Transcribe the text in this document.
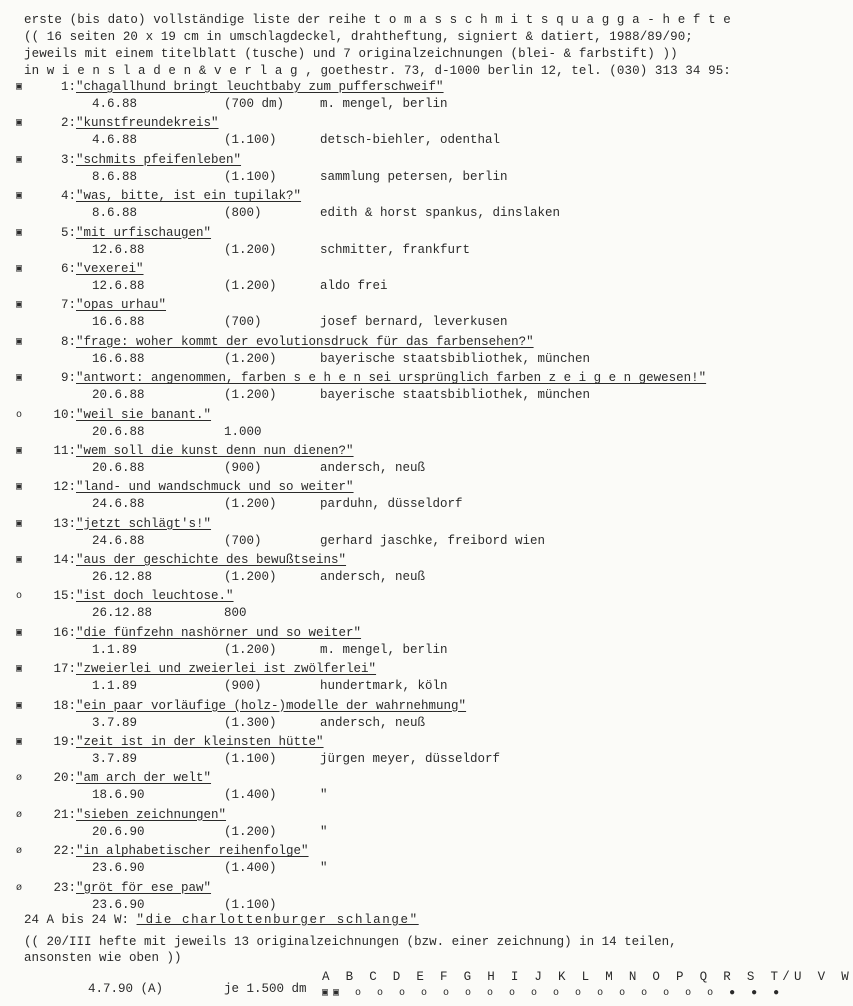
erste (bis dato) vollständige liste der reihe t o m a s s c h m i t s q u a g g a - h e f t e
(( 16 seiten 20 x 19 cm in umschlagdeckel, drahtheftung, signiert & datiert, 1988/89/90;
jeweils mit einem titelblatt (tusche) und 7 originalzeichnungen (blei- & farbstift) ))
in w i e n s l a d e n & v e r l a g , goethestr. 73, d-1000 berlin 12, tel. (030) 313 34 95:
▣	1: "chagallhund bringt leuchtbaby zum pufferschweif"
4.6.88	(700 dm)	m. mengel, berlin
▣	2: "kunstfreundekreis"
4.6.88	(1.100)	detsch-biehler, odenthal
▣	3: "schmits pfeifenleben"
8.6.88	(1.100)	sammlung petersen, berlin
▣	4: "was, bitte, ist ein tupilak?"
8.6.88	(800)	edith & horst spankus, dinslaken
▣	5: "mit urfischaugen"
12.6.88	(1.200)	schmitter, frankfurt
▣	6: "vexerei"
12.6.88	(1.200)	aldo frei
▣	7: "opas urhau"
16.6.88	(700)	josef bernard, leverkusen
▣	8: "frage: woher kommt der evolutionsdruck für das farbensehen?"
16.6.88	(1.200)	bayerische staatsbibliothek, münchen
▣	9: "antwort: angenommen, farben s e h e n sei ursprünglich farben z e i g e n gewesen!"
20.6.88	(1.200)	bayerische staatsbibliothek, münchen
o	10: "weil sie banant."
20.6.88	1.000
▣	11: "wem soll die kunst denn nun dienen?"
20.6.88	(900)	andersch, neuß
▣	12: "land- und wandschmuck und so weiter"
24.6.88	(1.200)	parduhn, düsseldorf
▣	13: "jetzt schlägt's!"
24.6.88	(700)	gerhard jaschke, freibord wien
▣	14: "aus der geschichte des bewußtseins"
26.12.88	(1.200)	andersch, neuß
o	15: "ist doch leuchtose."
26.12.88	800
▣	16: "die fünfzehn nashörner und so weiter"
1.1.89	(1.200)	m. mengel, berlin
▣	17: "zweierlei und zweierlei ist zwölferlei"
1.1.89	(900)	hundertmark, köln
▣	18: "ein paar vorläufige (holz-)modelle der wahrnehmung"
3.7.89	(1.300)	andersch, neuß
▣	19: "zeit ist in der kleinsten hütte"
3.7.89	(1.100)	jürgen meyer, düsseldorf
ø	20: "am arch der welt"
18.6.90	(1.400)	"
ø	21: "sieben zeichnungen"
20.6.90	(1.200)	"
ø	22: "in alphabetischer reihenfolge"
23.6.90	(1.400)	"
ø	23: "gröt för ese paw"
23.6.90	(1.100)
24 A bis 24 W: "die charlottenburger schlange"
(( 20/III hefte mit jeweils 13 originalzeichnungen (bzw. einer zeichnung) in 14 teilen, ansonsten wie oben ))
4.7.90 (A)	je 1.500 dm
A B C D E F G H I J K L M N O P Q R S T/U V W
▣▣ o o o o o o o o o o o o o o o o o ● ● ●
